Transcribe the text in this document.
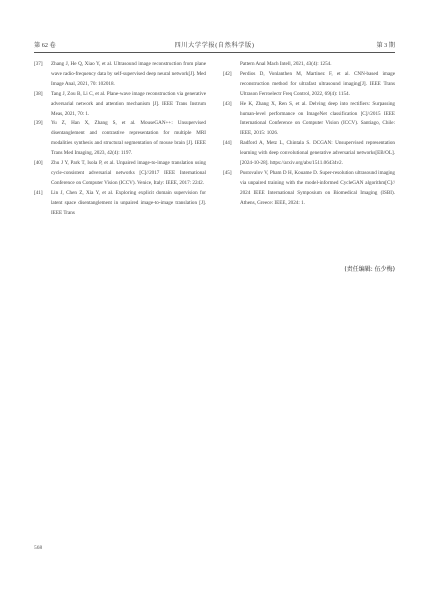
第 62 卷	四川大学学报(自然科学版)	第 3 期
[37]	Zhang J, He Q, Xiao Y, et al. Ultrasound image reconstruction from plane wave radio-frequency data by self-supervised deep neural network[J]. Med Image Anal, 2021, 70: 102018.
[38]	Tang J, Zou B, Li C, et al. Plane-wave image reconstruction via generative adversarial network and attention mechanism [J]. IEEE Trans Instrum Meas, 2021, 70: 1.
[39]	Yu Z, Han X, Zhang S, et al. MouseGAN++: Unsupervised disentanglement and contrastive representation for multiple MRI modalities synthesis and structural segmentation of mouse brain [J]. IEEE Trans Med Imaging, 2023, 42(4): 1197.
[40]	Zhu J Y, Park T, Isola P, et al. Unpaired image-to-image translation using cycle-consistent adversarial networks [C]//2017 IEEE International Conference on Computer Vision (ICCV). Venice, Italy: IEEE, 2017: 2242.
[41]	Lin J, Chen Z, Xia Y, et al. Exploring explicit domain supervision for latent space disentanglement in unpaired image-to-image translation [J]. IEEE Trans
Pattern Anal Mach Intell, 2021, 43(4): 1254.
[42]	Perdios D, Vonlanthen M, Martinez F, et al. CNN-based image reconstruction method for ultrafast ultrasound imaging[J]. IEEE Trans Ultrason Ferroelectr Freq Control, 2022, 69(4): 1154.
[43]	He K, Zhang X, Ren S, et al. Delving deep into rectifiers: Surpassing human-level performance on ImageNet classification [C]//2015 IEEE International Conference on Computer Vision (ICCV). Santiago, Chile: IEEE, 2015: 1026.
[44]	Radford A, Metz L, Chintala S. DCGAN: Unsupervised representation learning with deep convolutional generative adversarial networks[EB/OL]. [2024-10-28]. https://arxiv.org/abs/1511.06434v2.
[45]	Pustovalov V, Pham D H, Kouame D. Super-resolution ultrasound imaging via unpaired training with the model-informed CycleGAN algorithm[C]// 2024 IEEE International Symposium on Biomedical Imaging (ISBI). Athens, Greece: IEEE, 2024: 1.
(责任编辑: 伍少梅)
568
